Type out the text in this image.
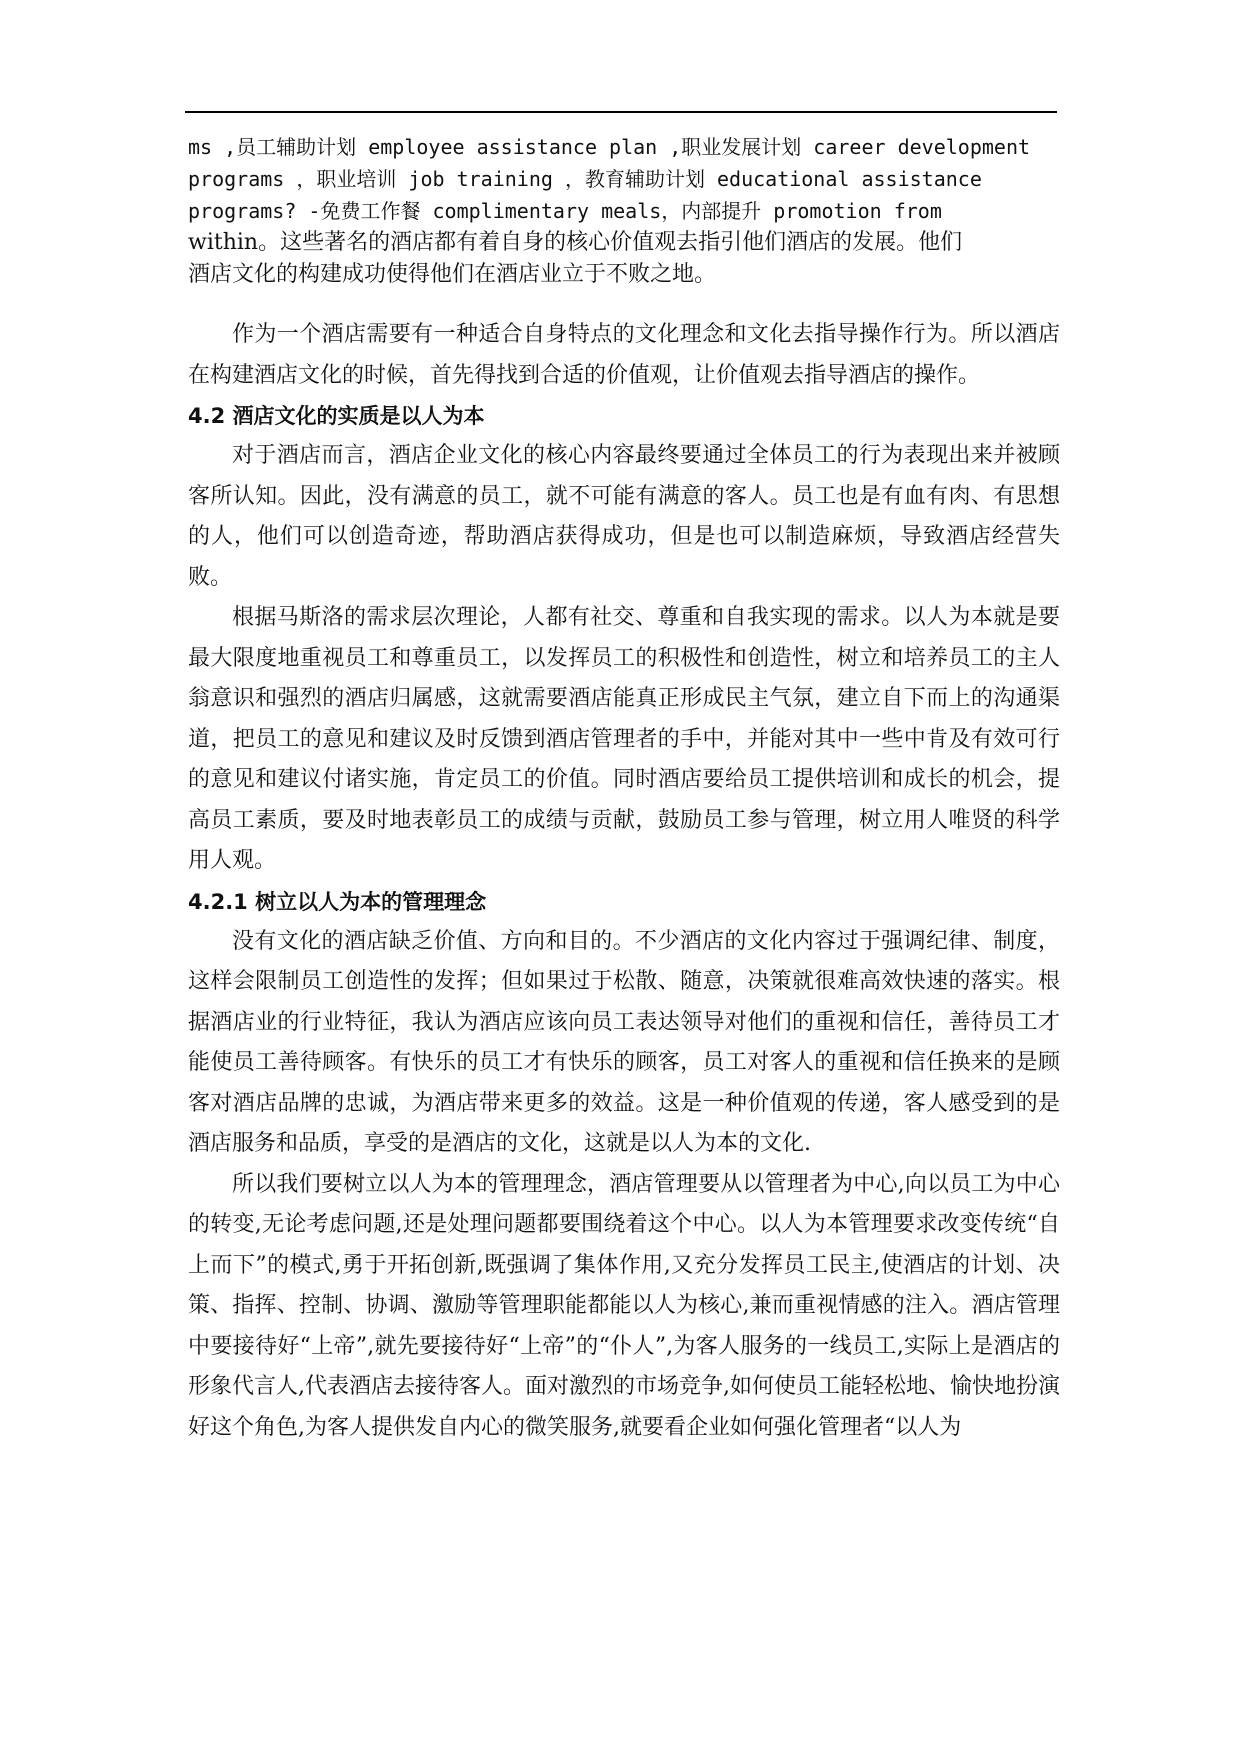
ms ,员工辅助计划 employee assistance plan ,职业发展计划 career development
programs ，职业培训 job training ，教育辅助计划 educational assistance
programs? -免费工作餐 complimentary meals，内部提升 promotion from
within。这些著名的酒店都有着自身的核心价值观去指引他们酒店的发展。他们
酒店文化的构建成功使得他们在酒店业立于不败之地。

作为一个酒店需要有一种适合自身特点的文化理念和文化去指导操作行为。所以酒店在构建酒店文化的时候，首先得找到合适的价值观，让价值观去指导酒店的操作。

4.2 酒店文化的实质是以人为本

对于酒店而言，酒店企业文化的核心内容最终要通过全体员工的行为表现出来并被顾客所认知。因此，没有满意的员工，就不可能有满意的客人。员工也是有血有肉、有思想的人，他们可以创造奇迹，帮助酒店获得成功，但是也可以制造麻烦，导致酒店经营失败。

根据马斯洛的需求层次理论，人都有社交、尊重和自我实现的需求。以人为本就是要最大限度地重视员工和尊重员工，以发挥员工的积极性和创造性，树立和培养员工的主人翁意识和强烈的酒店归属感，这就需要酒店能真正形成民主气氛，建立自下而上的沟通渠道，把员工的意见和建议及时反馈到酒店管理者的手中，并能对其中一些中肯及有效可行的意见和建议付诸实施，肯定员工的价值。同时酒店要给员工提供培训和成长的机会，提高员工素质，要及时地表彰员工的成绩与贡献，鼓励员工参与管理，树立用人唯贤的科学用人观。

4.2.1 树立以人为本的管理理念

没有文化的酒店缺乏价值、方向和目的。不少酒店的文化内容过于强调纪律、制度，这样会限制员工创造性的发挥；但如果过于松散、随意，决策就很难高效快速的落实。根据酒店业的行业特征，我认为酒店应该向员工表达领导对他们的重视和信任，善待员工才能使员工善待顾客。有快乐的员工才有快乐的顾客，员工对客人的重视和信任换来的是顾客对酒店品牌的忠诚，为酒店带来更多的效益。这是一种价值观的传递，客人感受到的是酒店服务和品质，享受的是酒店的文化，这就是以人为本的文化.

所以我们要树立以人为本的管理理念，酒店管理要从以管理者为中心,向以员工为中心的转变,无论考虑问题,还是处理问题都要围绕着这个中心。以人为本管理要求改变传统“自上而下”的模式,勇于开拓创新,既强调了集体作用,又充分发挥员工民主,使酒店的计划、决策、指挥、控制、协调、激励等管理职能都能以人为核心,兼而重视情感的注入。酒店管理中要接待好“上帝”,就先要接待好“上帝”的“仆人”,为客人服务的一线员工,实际上是酒店的形象代言人,代表酒店去接待客人。面对激烈的市场竞争,如何使员工能轻松地、愉快地扮演好这个角色,为客人提供发自内心的微笑服务,就要看企业如何强化管理者“以人为
